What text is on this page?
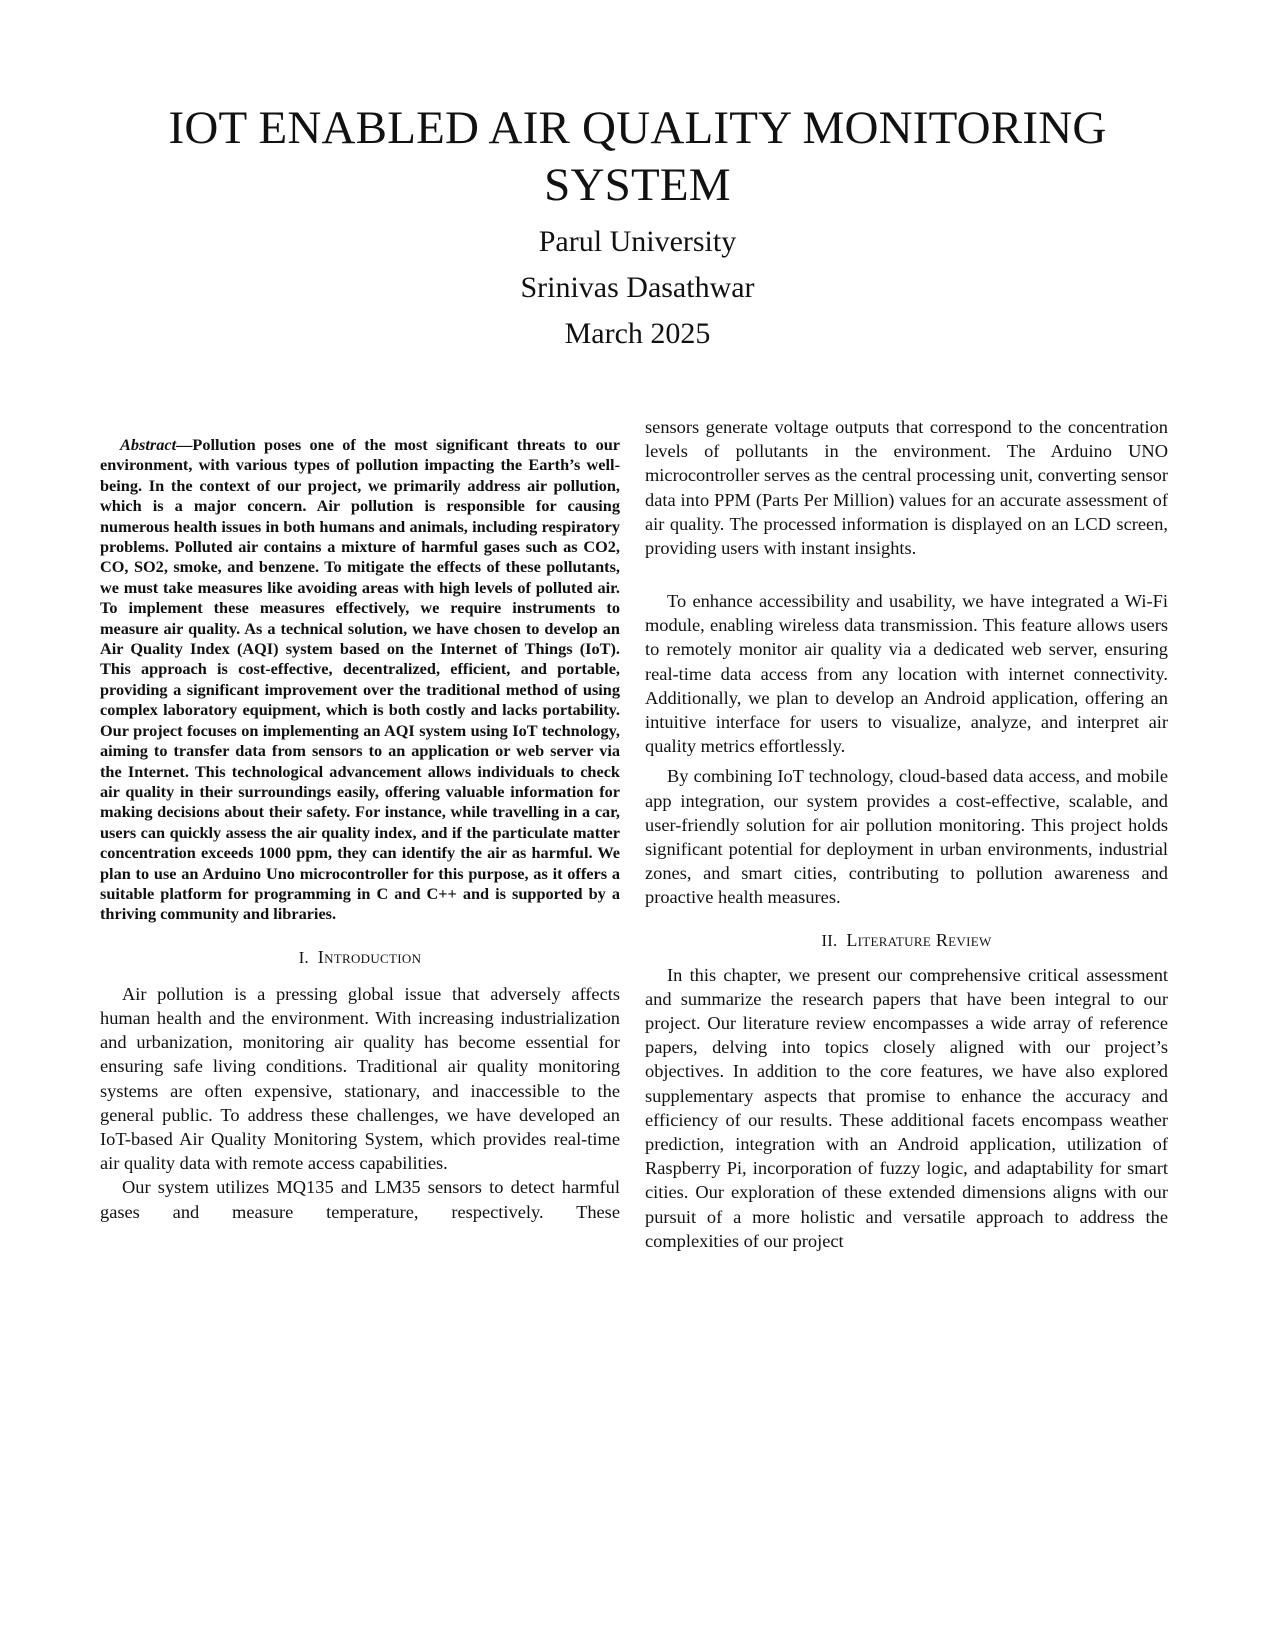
IOT ENABLED AIR QUALITY MONITORING SYSTEM
Parul University
Srinivas Dasathwar
March 2025

Abstract—Pollution poses one of the most significant threats to our environment, with various types of pollution impacting the Earth’s well-being. In the context of our project, we primarily address air pollution, which is a major concern. Air pollution is responsible for causing numerous health issues in both humans and animals, including respiratory problems. Polluted air contains a mixture of harmful gases such as CO2, CO, SO2, smoke, and benzene. To mitigate the effects of these pollutants, we must take measures like avoiding areas with high levels of polluted air. To implement these measures effectively, we require instruments to measure air quality. As a technical solution, we have chosen to develop an Air Quality Index (AQI) system based on the Internet of Things (IoT). This approach is cost-effective, decentralized, efficient, and portable, providing a significant improvement over the traditional method of using complex laboratory equipment, which is both costly and lacks portability. Our project focuses on implementing an AQI system using IoT technology, aiming to transfer data from sensors to an application or web server via the Internet. This technological advancement allows individuals to check air quality in their surroundings easily, offering valuable information for making decisions about their safety. For instance, while travelling in a car, users can quickly assess the air quality index, and if the particulate matter concentration exceeds 1000 ppm, they can identify the air as harmful. We plan to use an Arduino Uno microcontroller for this purpose, as it offers a suitable platform for programming in C and C++ and is supported by a thriving community and libraries.

I. Introduction

Air pollution is a pressing global issue that adversely affects human health and the environment. With increasing industrialization and urbanization, monitoring air quality has become essential for ensuring safe living conditions. Traditional air quality monitoring systems are often expensive, stationary, and inaccessible to the general public. To address these challenges, we have developed an IoT-based Air Quality Monitoring System, which provides real-time air quality data with remote access capabilities.

Our system utilizes MQ135 and LM35 sensors to detect harmful gases and measure temperature, respectively. These

sensors generate voltage outputs that correspond to the concentration levels of pollutants in the environment. The Arduino UNO microcontroller serves as the central processing unit, converting sensor data into PPM (Parts Per Million) values for an accurate assessment of air quality. The processed information is displayed on an LCD screen, providing users with instant insights.

To enhance accessibility and usability, we have integrated a Wi-Fi module, enabling wireless data transmission. This feature allows users to remotely monitor air quality via a dedicated web server, ensuring real-time data access from any location with internet connectivity. Additionally, we plan to develop an Android application, offering an intuitive interface for users to visualize, analyze, and interpret air quality metrics effortlessly.

By combining IoT technology, cloud-based data access, and mobile app integration, our system provides a cost-effective, scalable, and user-friendly solution for air pollution monitoring. This project holds significant potential for deployment in urban environments, industrial zones, and smart cities, contributing to pollution awareness and proactive health measures.

II. Literature Review

In this chapter, we present our comprehensive critical assessment and summarize the research papers that have been integral to our project. Our literature review encompasses a wide array of reference papers, delving into topics closely aligned with our project’s objectives. In addition to the core features, we have also explored supplementary aspects that promise to enhance the accuracy and efficiency of our results. These additional facets encompass weather prediction, integration with an Android application, utilization of Raspberry Pi, incorporation of fuzzy logic, and adaptability for smart cities. Our exploration of these extended dimensions aligns with our pursuit of a more holistic and versatile approach to address the complexities of our project
